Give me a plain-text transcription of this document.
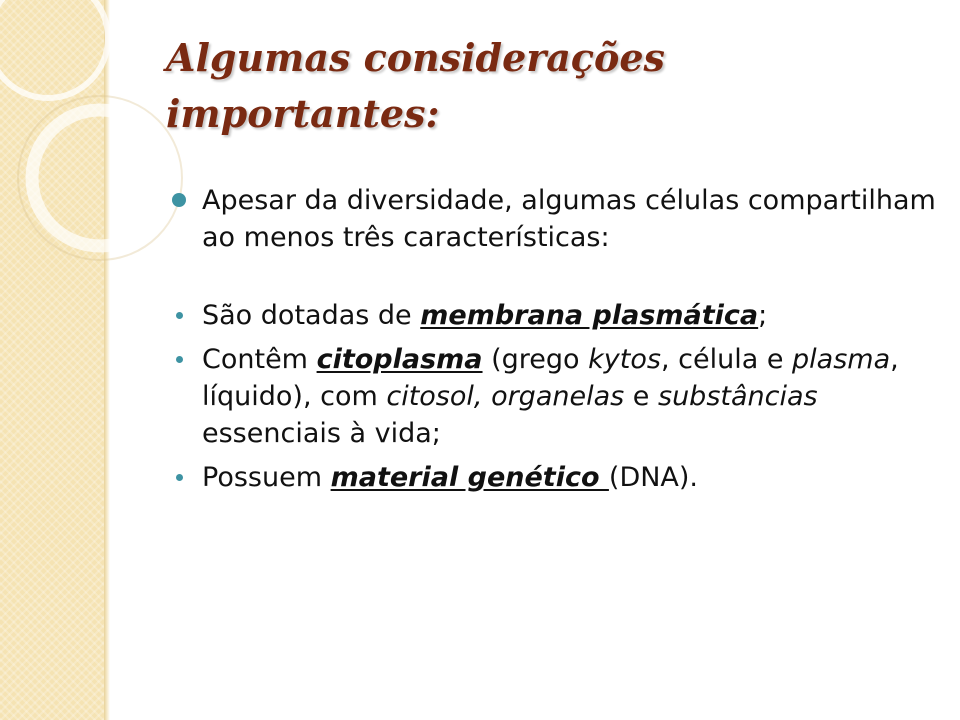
Algumas considerações importantes:
Apesar da diversidade, algumas células compartilham ao menos três características:
São dotadas de membrana plasmática;
Contêm citoplasma (grego kytos, célula e plasma, líquido), com citosol, organelas e substâncias essenciais à vida;
Possuem material genético (DNA).
